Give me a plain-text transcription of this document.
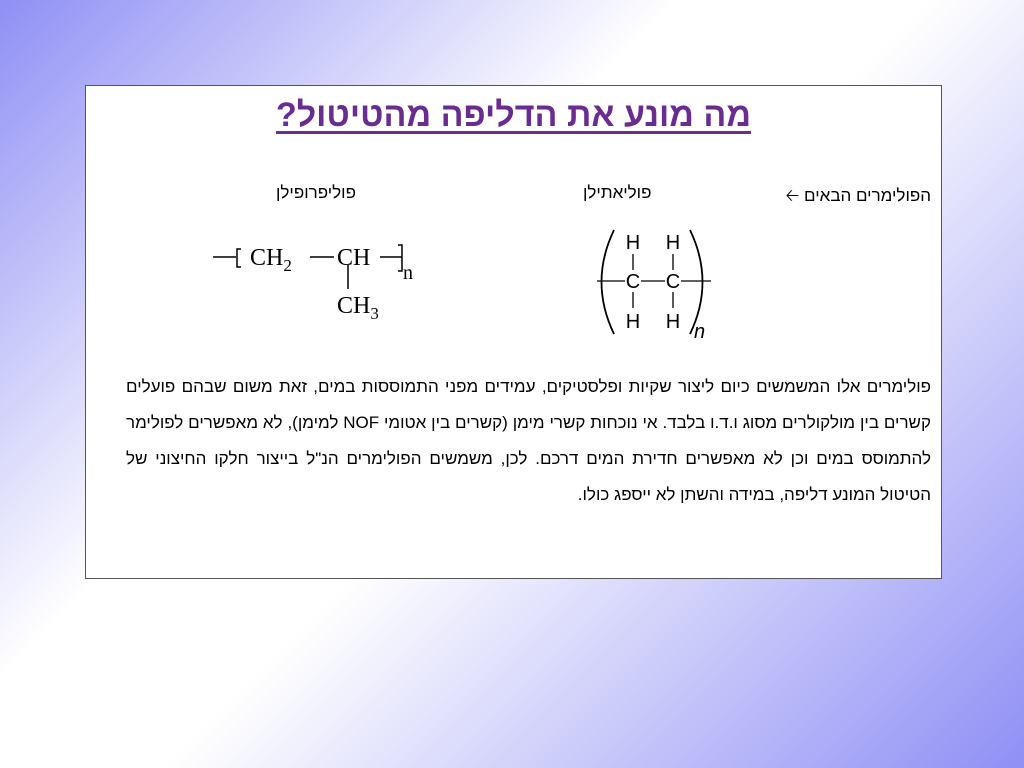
מה מונע את הדליפה מהטיטול?
הפולימרים הבאים 🡠
פוליאתילן
פוליפרופילן
$CH_2$ CH
n
$CH_3$
H H
C C
H H n

פולימרים אלו המשמשים כיום ליצור שקיות ופלסטיקים, עמידים מפני התמוססות במים, זאת משום שבהם פועלים קשרים בין מולקולרים מסוג ו.ד.ו בלבד. אי נוכחות קשרי מימן (קשרים בין אטומי NOF למימן), לא מאפשרים לפולימר להתמוסס במים וכן לא מאפשרים חדירת המים דרכם. לכן, משמשים הפולימרים הנ"ל בייצור חלקו החיצוני של הטיטול המונע דליפה, במידה והשתן לא ייספג כולו.
